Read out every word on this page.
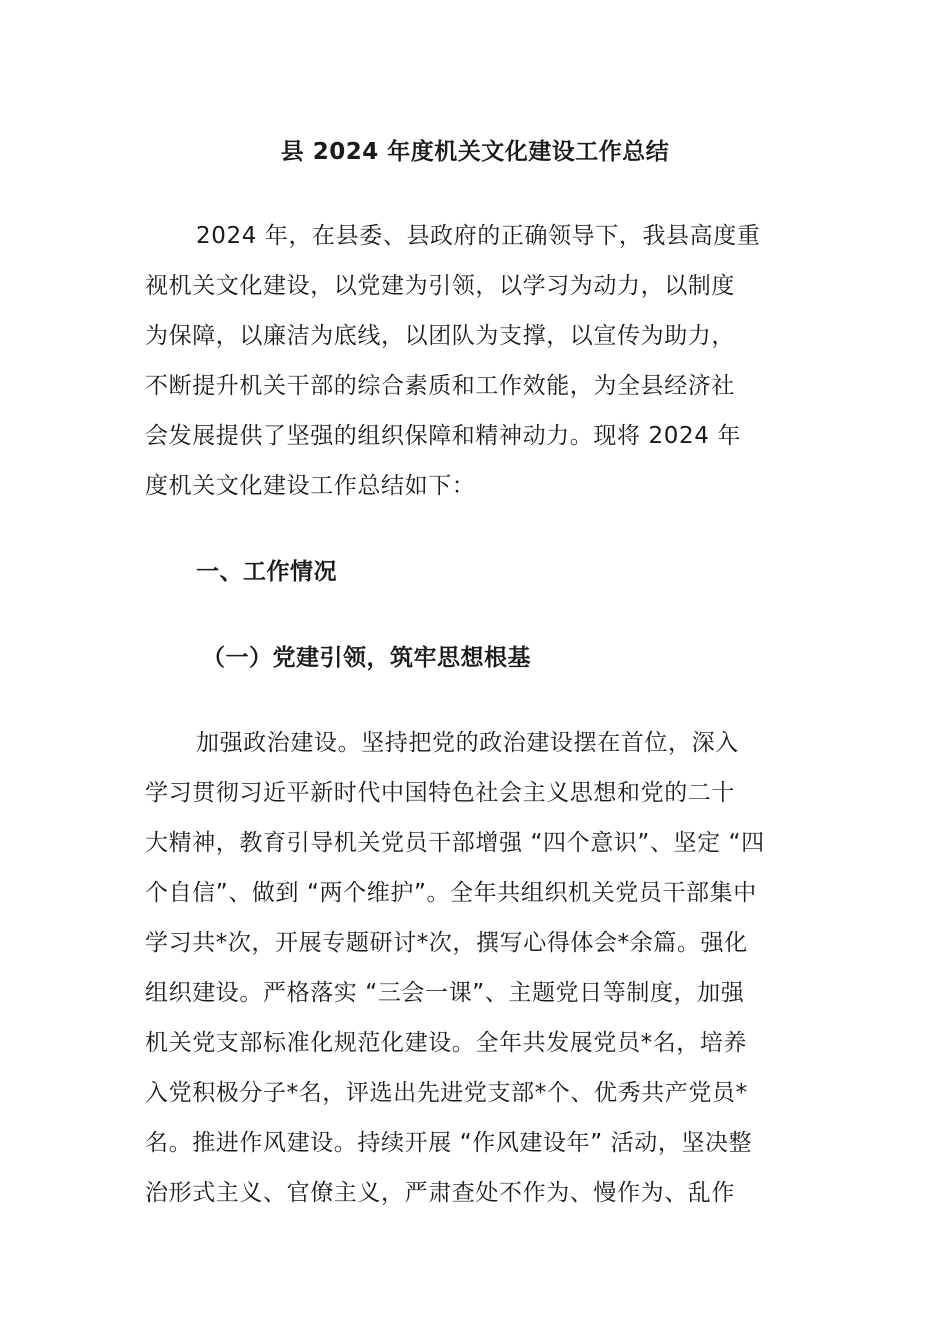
县 2024 年度机关文化建设工作总结
2024 年，在县委、县政府的正确领导下，我县高度重
视机关文化建设，以党建为引领，以学习为动力，以制度
为保障，以廉洁为底线，以团队为支撑，以宣传为助力，
不断提升机关干部的综合素质和工作效能，为全县经济社
会发展提供了坚强的组织保障和精神动力。现将 2024 年
度机关文化建设工作总结如下：
一、工作情况
（一）党建引领，筑牢思想根基
加强政治建设。坚持把党的政治建设摆在首位，深入
学习贯彻习近平新时代中国特色社会主义思想和党的二十
大精神，教育引导机关党员干部增强 “四个意识”、坚定 “四
个自信”、做到 “两个维护”。全年共组织机关党员干部集中
学习共*次，开展专题研讨*次，撰写心得体会*余篇。强化
组织建设。严格落实 “三会一课”、主题党日等制度，加强
机关党支部标准化规范化建设。全年共发展党员*名，培养
入党积极分子*名，评选出先进党支部*个、优秀共产党员*
名。推进作风建设。持续开展 “作风建设年” 活动，坚决整
治形式主义、官僚主义，严肃查处不作为、慢作为、乱作
